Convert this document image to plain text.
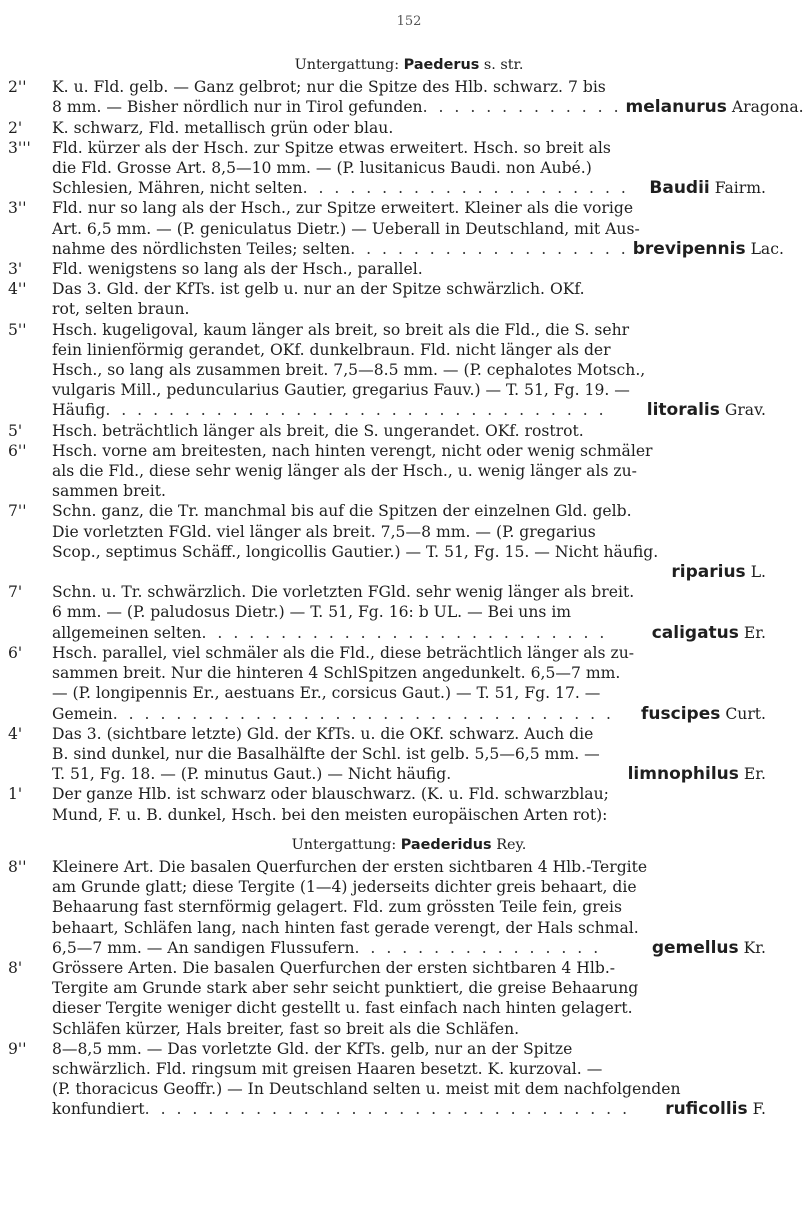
152
Untergattung: Paederus s. str.
2''	K. u. Fld. gelb. — Ganz gelbrot; nur die Spitze des Hlb. schwarz. 7 bis
8 mm. — Bisher nördlich nur in Tirol gefunden . . . . . . . . . . . . . melanurus Aragona.
2'	K. schwarz, Fld. metallisch grün oder blau.
3'''	Fld. kürzer als der Hsch. zur Spitze etwas erweitert. Hsch. so breit als
die Fld. Grosse Art. 8,5—10 mm. — (P. lusitanicus Baudi. non Aubé.)
Schlesien, Mähren, nicht selten . . . . . . . . . . . . . . . . . . . . .	Baudii Fairm.
3''	Fld. nur so lang als der Hsch., zur Spitze erweitert. Kleiner als die vorige
Art. 6,5 mm. — (P. geniculatus Dietr.) — Ueberall in Deutschland, mit Aus-
nahme des nördlichsten Teiles; selten . . . . . . . . . . . . . . . . . . brevipennis Lac.
3'	Fld. wenigstens so lang als der Hsch., parallel.
4''	Das 3. Gld. der KfTs. ist gelb u. nur an der Spitze schwärzlich. OKf.
rot, selten braun.
5''	Hsch. kugeligoval, kaum länger als breit, so breit als die Fld., die S. sehr
fein linienförmig gerandet, OKf. dunkelbraun. Fld. nicht länger als der
Hsch., so lang als zusammen breit. 7,5—8.5 mm. — (P. cephalotes Motsch.,
vulgaris Mill., peduncularius Gautier, gregarius Fauv.) — T. 51, Fg. 19. —
Häufig . . . . . . . . . . . . . . . . . . . . . . . . . . . . . . . .	litoralis Grav.
5'	Hsch. beträchtlich länger als breit, die S. ungerandet. OKf. rostrot.
6''	Hsch. vorne am breitesten, nach hinten verengt, nicht oder wenig schmäler
als die Fld., diese sehr wenig länger als der Hsch., u. wenig länger als zu-
sammen breit.
7''	Schn. ganz, die Tr. manchmal bis auf die Spitzen der einzelnen Gld. gelb.
Die vorletzten FGld. viel länger als breit. 7,5—8 mm. — (P. gregarius
Scop., septimus Schäff., longicollis Gautier.) — T. 51, Fg. 15. — Nicht häufig.
riparius L.
7'	Schn. u. Tr. schwärzlich. Die vorletzten FGld. sehr wenig länger als breit.
6 mm. — (P. paludosus Dietr.) — T. 51, Fg. 16: b UL. — Bei uns im
allgemeinen selten . . . . . . . . . . . . . . . . . . . . . . . . . .	caligatus Er.
6'	Hsch. parallel, viel schmäler als die Fld., diese beträchtlich länger als zu-
sammen breit. Nur die hinteren 4 SchlSpitzen angedunkelt. 6,5—7 mm.
— (P. longipennis Er., aestuans Er., corsicus Gaut.) — T. 51, Fg. 17. —
Gemein . . . . . . . . . . . . . . . . . . . . . . . . . . . . . . . .	fuscipes Curt.
4'	Das 3. (sichtbare letzte) Gld. der KfTs. u. die OKf. schwarz. Auch die
B. sind dunkel, nur die Basalhälfte der Schl. ist gelb. 5,5—6,5 mm. —
T. 51, Fg. 18. — (P. minutus Gaut.) — Nicht häufig .	limnophilus Er.
1'	Der ganze Hlb. ist schwarz oder blauschwarz. (K. u. Fld. schwarzblau;
Mund, F. u. B. dunkel, Hsch. bei den meisten europäischen Arten rot):
Untergattung: Paederidus Rey.
8''	Kleinere Art. Die basalen Querfurchen der ersten sichtbaren 4 Hlb.-Tergite
am Grunde glatt; diese Tergite (1—4) jederseits dichter greis behaart, die
Behaarung fast sternförmig gelagert. Fld. zum grössten Teile fein, greis
behaart, Schläfen lang, nach hinten fast gerade verengt, der Hals schmal.
6,5—7 mm. — An sandigen Flussufern . . . . . . . . . . . . . . . .	gemellus Kr.
8'	Grössere Arten. Die basalen Querfurchen der ersten sichtbaren 4 Hlb.-
Tergite am Grunde stark aber sehr seicht punktiert, die greise Behaarung
dieser Tergite weniger dicht gestellt u. fast einfach nach hinten gelagert.
Schläfen kürzer, Hals breiter, fast so breit als die Schläfen.
9''	8—8,5 mm. — Das vorletzte Gld. der KfTs. gelb, nur an der Spitze
schwärzlich. Fld. ringsum mit greisen Haaren besetzt. K. kurzoval. —
(P. thoracicus Geoffr.) — In Deutschland selten u. meist mit dem nachfolgenden
konfundiert . . . . . . . . . . . . . . . . . . . . . . . . . . . . . . .	ruficollis F.
